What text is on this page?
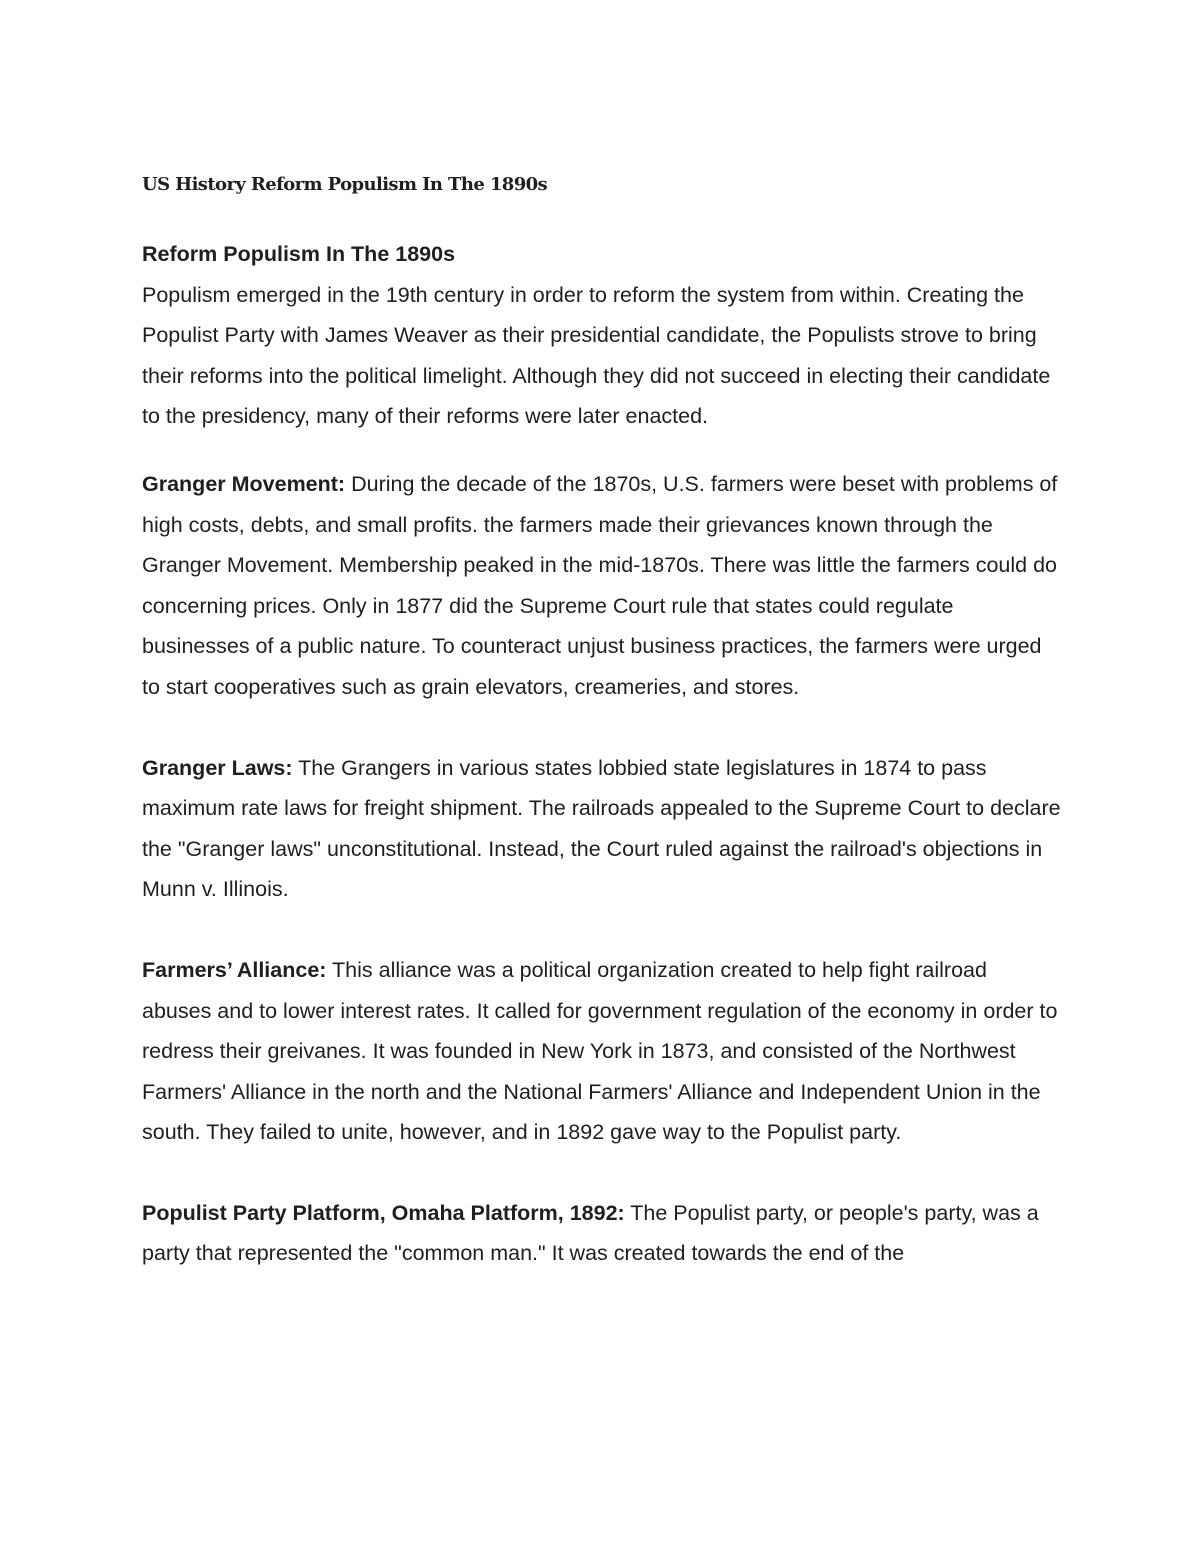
US History Reform Populism In The 1890s

Reform Populism In The 1890s

Populism emerged in the 19th century in order to reform the system from within. Creating the Populist Party with James Weaver as their presidential candidate, the Populists strove to bring their reforms into the political limelight. Although they did not succeed in electing their candidate to the presidency, many of their reforms were later enacted.

Granger Movement: During the decade of the 1870s, U.S. farmers were beset with problems of high costs, debts, and small profits. the farmers made their grievances known through the Granger Movement. Membership peaked in the mid-1870s. There was little the farmers could do concerning prices. Only in 1877 did the Supreme Court rule that states could regulate businesses of a public nature. To counteract unjust business practices, the farmers were urged to start cooperatives such as grain elevators, creameries, and stores.

Granger Laws: The Grangers in various states lobbied state legislatures in 1874 to pass maximum rate laws for freight shipment. The railroads appealed to the Supreme Court to declare the "Granger laws" unconstitutional. Instead, the Court ruled against the railroad's objections in Munn v. Illinois.

Farmers’ Alliance: This alliance was a political organization created to help fight railroad abuses and to lower interest rates. It called for government regulation of the economy in order to redress their greivanes. It was founded in New York in 1873, and consisted of the Northwest Farmers' Alliance in the north and the National Farmers' Alliance and Independent Union in the south. They failed to unite, however, and in 1892 gave way to the Populist party.

Populist Party Platform, Omaha Platform, 1892: The Populist party, or people's party, was a party that represented the "common man." It was created towards the end of the
